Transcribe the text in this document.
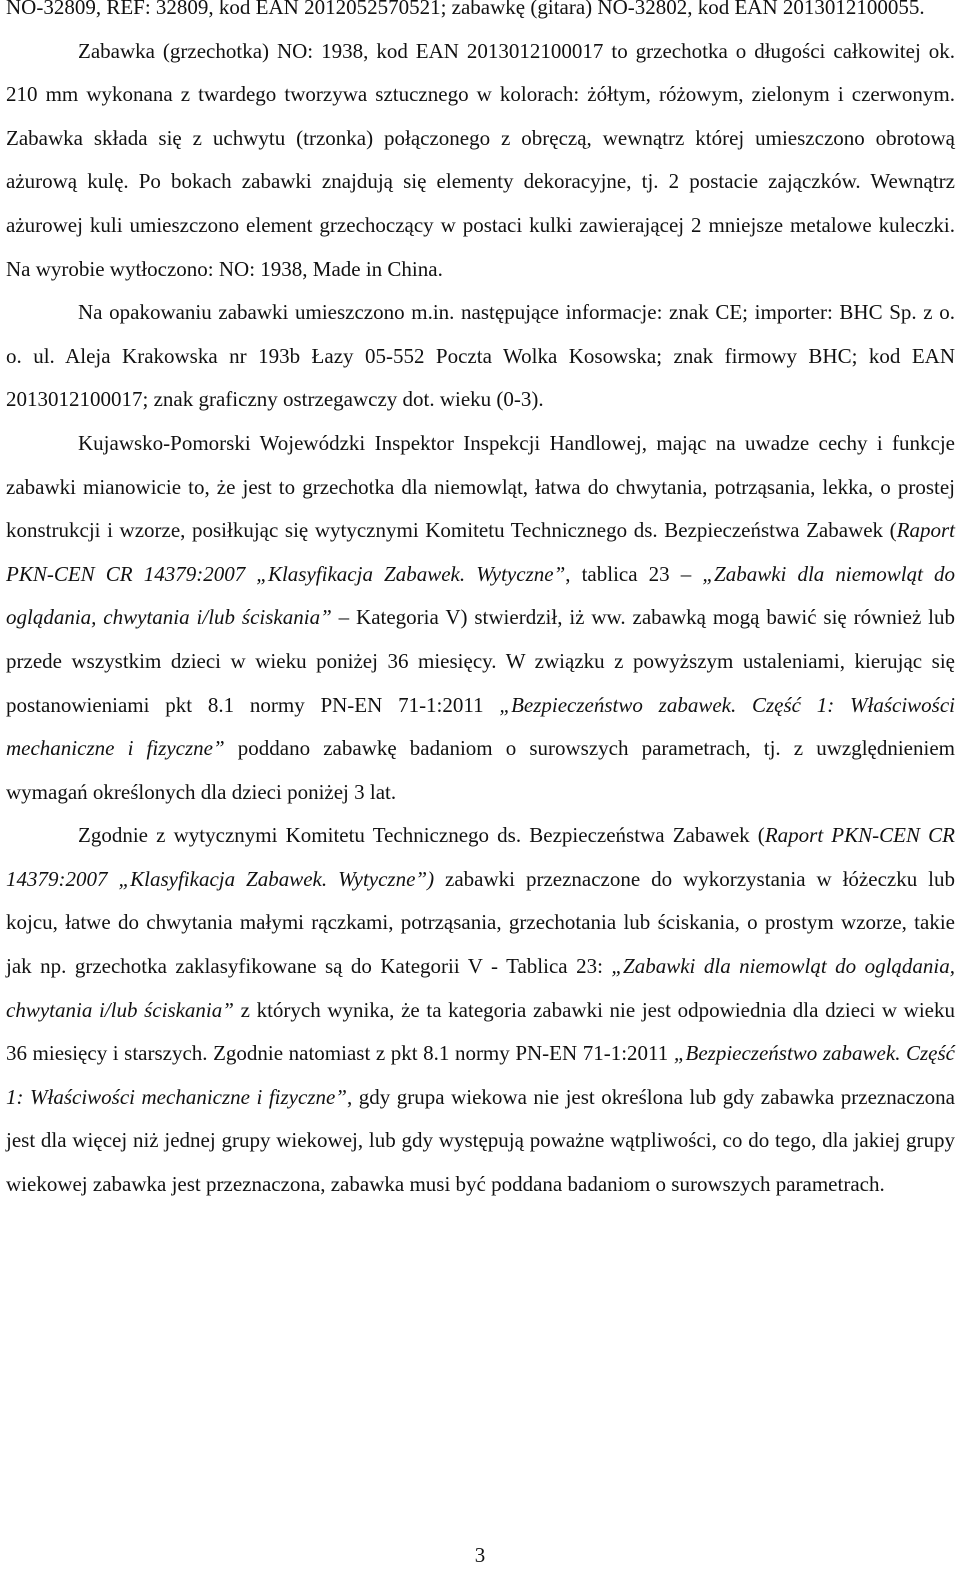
NO-32809, REF: 32809, kod EAN 2012052570521; zabawkę (gitara) NO-32802, kod EAN 2013012100055.

Zabawka (grzechotka) NO: 1938, kod EAN 2013012100017 to grzechotka o długości całkowitej ok. 210 mm wykonana z twardego tworzywa sztucznego w kolorach: żółtym, różowym, zielonym i czerwonym. Zabawka składa się z uchwytu (trzonka) połączonego z obręczą, wewnątrz której umieszczono obrotową ażurową kulę. Po bokach zabawki znajdują się elementy dekoracyjne, tj. 2 postacie zajączków. Wewnątrz ażurowej kuli umieszczono element grzechoczący w postaci kulki zawierającej 2 mniejsze metalowe kuleczki. Na wyrobie wytłoczono: NO: 1938, Made in China.

Na opakowaniu zabawki umieszczono m.in. następujące informacje: znak CE; importer: BHC Sp. z o. o. ul. Aleja Krakowska nr 193b Łazy 05-552 Poczta Wolka Kosowska; znak firmowy BHC; kod EAN 2013012100017; znak graficzny ostrzegawczy dot. wieku (0-3).

Kujawsko-Pomorski Wojewódzki Inspektor Inspekcji Handlowej, mając na uwadze cechy i funkcje zabawki mianowicie to, że jest to grzechotka dla niemowląt, łatwa do chwytania, potrząsania, lekka, o prostej konstrukcji i wzorze, posiłkując się wytycznymi Komitetu Technicznego ds. Bezpieczeństwa Zabawek (Raport PKN-CEN CR 14379:2007 „Klasyfikacja Zabawek. Wytyczne”, tablica 23 – „Zabawki dla niemowląt do oglądania, chwytania i/lub ściskania” – Kategoria V) stwierdził, iż ww. zabawką mogą bawić się również lub przede wszystkim dzieci w wieku poniżej 36 miesięcy. W związku z powyższym ustaleniami, kierując się postanowieniami pkt 8.1 normy PN-EN 71-1:2011 „Bezpieczeństwo zabawek. Część 1: Właściwości mechaniczne i fizyczne” poddano zabawkę badaniom o surowszych parametrach, tj. z uwzględnieniem wymagań określonych dla dzieci poniżej 3 lat.

Zgodnie z wytycznymi Komitetu Technicznego ds. Bezpieczeństwa Zabawek (Raport PKN-CEN CR 14379:2007 „Klasyfikacja Zabawek. Wytyczne”) zabawki przeznaczone do wykorzystania w łóżeczku lub kojcu, łatwe do chwytania małymi rączkami, potrząsania, grzechotania lub ściskania, o prostym wzorze, takie jak np. grzechotka zaklasyfikowane są do Kategorii V - Tablica 23: „Zabawki dla niemowląt do oglądania, chwytania i/lub ściskania” z których wynika, że ta kategoria zabawki nie jest odpowiednia dla dzieci w wieku 36 miesięcy i starszych. Zgodnie natomiast z pkt 8.1 normy PN-EN 71-1:2011 „Bezpieczeństwo zabawek. Część 1: Właściwości mechaniczne i fizyczne”, gdy grupa wiekowa nie jest określona lub gdy zabawka przeznaczona jest dla więcej niż jednej grupy wiekowej, lub gdy występują poważne wątpliwości, co do tego, dla jakiej grupy wiekowej zabawka jest przeznaczona, zabawka musi być poddana badaniom o surowszych parametrach.

3
